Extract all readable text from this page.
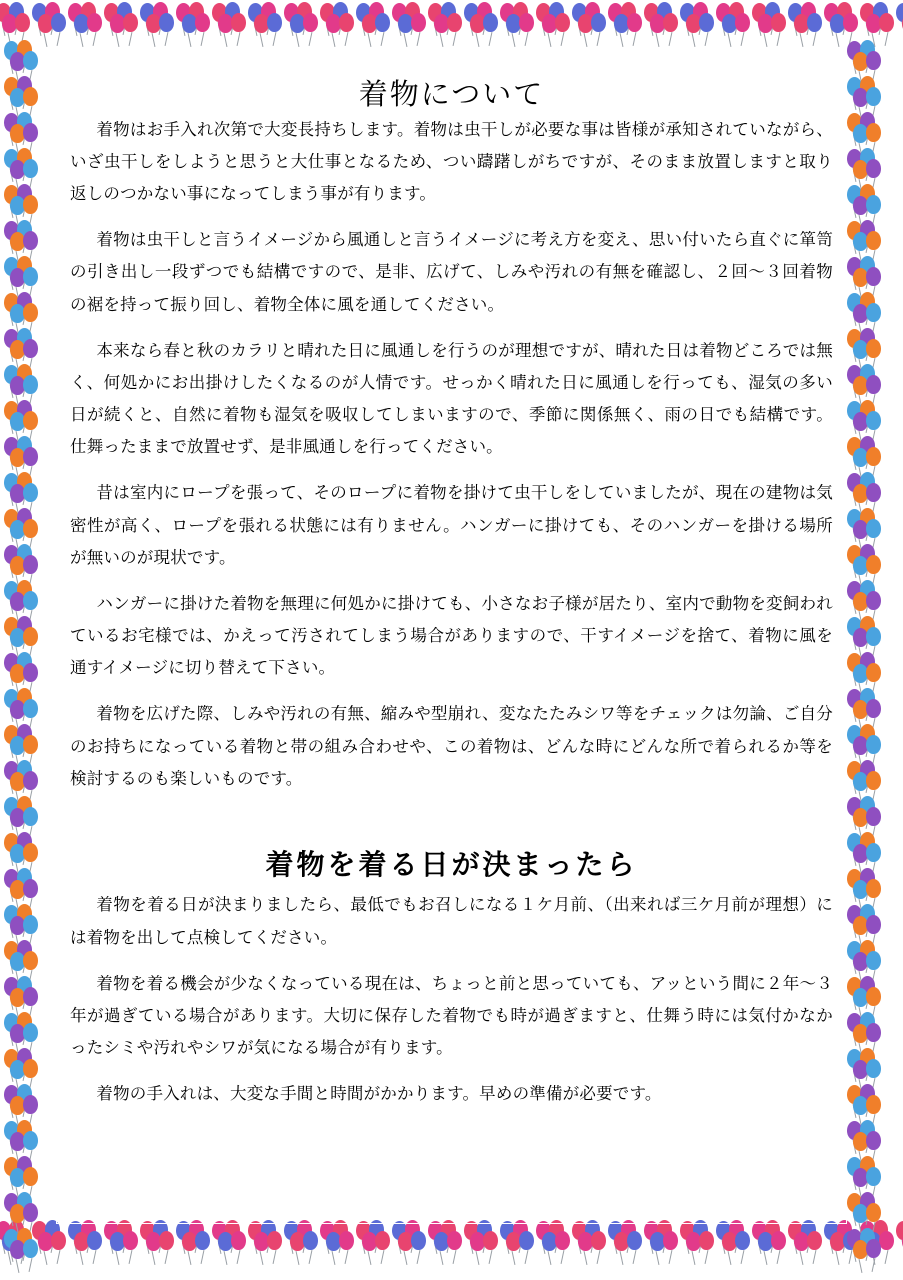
着物について

着物はお手入れ次第で大変長持ちします。着物は虫干しが必要な事は皆様が承知されていながら、いざ虫干しをしようと思うと大仕事となるため、つい躊躇しがちですが、そのまま放置しますと取り返しのつかない事になってしまう事が有ります。

着物は虫干しと言うイメージから風通しと言うイメージに考え方を変え、思い付いたら直ぐに箪笥の引き出し一段ずつでも結構ですので、是非、広げて、しみや汚れの有無を確認し、２回〜３回着物の裾を持って振り回し、着物全体に風を通してください。

本来なら春と秋のカラリと晴れた日に風通しを行うのが理想ですが、晴れた日は着物どころでは無く、何処かにお出掛けしたくなるのが人情です。せっかく晴れた日に風通しを行っても、湿気の多い日が続くと、自然に着物も湿気を吸収してしまいますので、季節に関係無く、雨の日でも結構です。仕舞ったままで放置せず、是非風通しを行ってください。

昔は室内にロープを張って、そのロープに着物を掛けて虫干しをしていましたが、現在の建物は気密性が高く、ロープを張れる状態には有りません。ハンガーに掛けても、そのハンガーを掛ける場所が無いのが現状です。

ハンガーに掛けた着物を無理に何処かに掛けても、小さなお子様が居たり、室内で動物を変飼われているお宅様では、かえって汚されてしまう場合がありますので、干すイメージを捨て、着物に風を通すイメージに切り替えて下さい。

着物を広げた際、しみや汚れの有無、縮みや型崩れ、変なたたみシワ等をチェックは勿論、ご自分のお持ちになっている着物と帯の組み合わせや、この着物は、どんな時にどんな所で着られるか等を検討するのも楽しいものです。

着物を着る日が決まったら

着物を着る日が決まりましたら、最低でもお召しになる１ケ月前、（出来れば三ケ月前が理想）には着物を出して点検してください。

着物を着る機会が少なくなっている現在は、ちょっと前と思っていても、アッという間に２年〜３年が過ぎている場合があります。大切に保存した着物でも時が過ぎますと、仕舞う時には気付かなかったシミや汚れやシワが気になる場合が有ります。

着物の手入れは、大変な手間と時間がかかります。早めの準備が必要です。
